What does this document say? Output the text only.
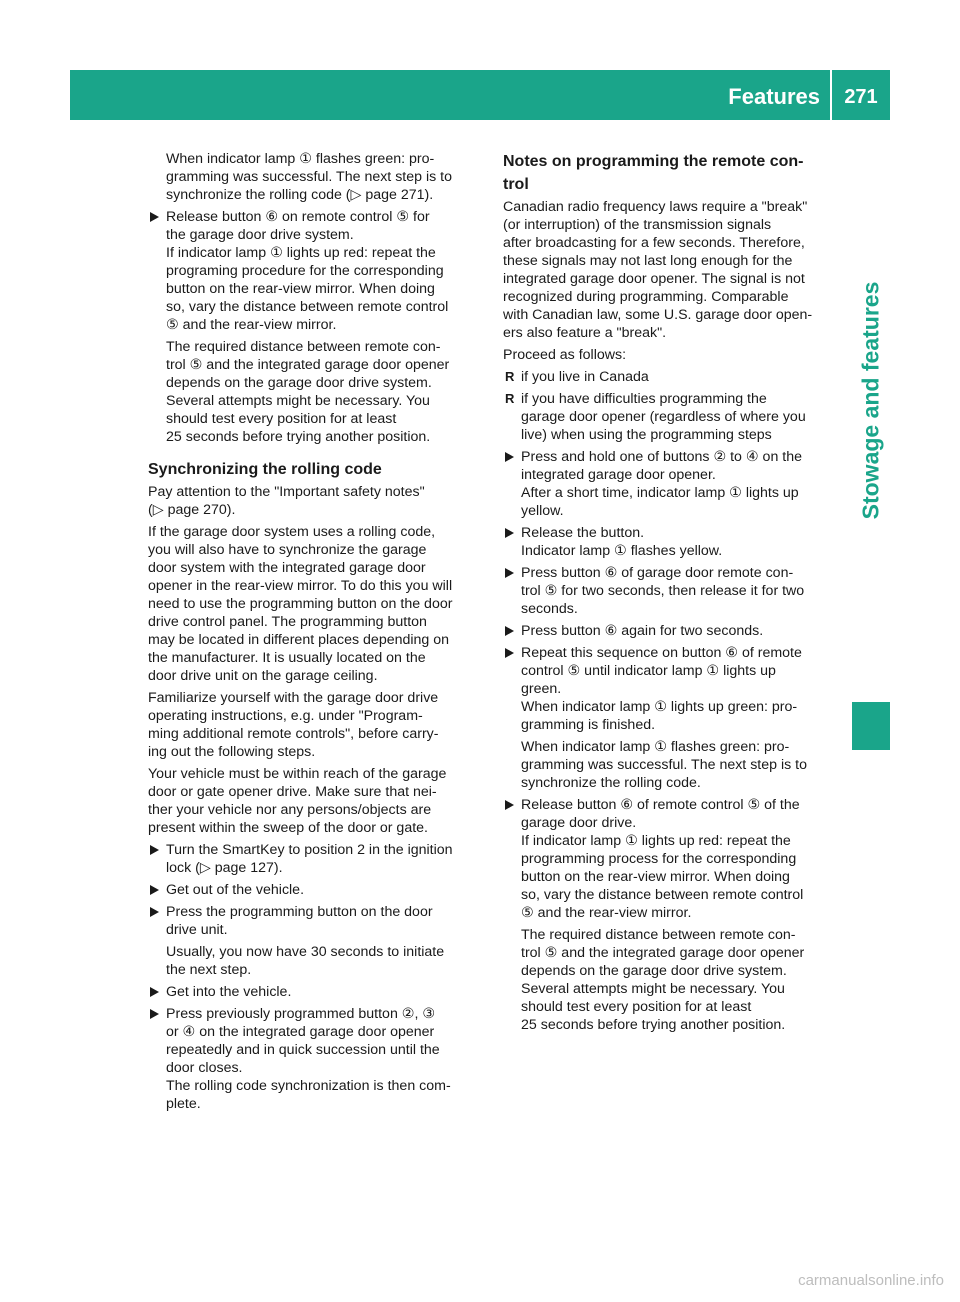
Features	271
Stowage and features
When indicator lamp ① flashes green: pro-
gramming was successful. The next step is to
synchronize the rolling code (▷ page 271).
Release button ⑥ on remote control ⑤ for
the garage door drive system.
If indicator lamp ① lights up red: repeat the
programing procedure for the corresponding
button on the rear-view mirror. When doing
so, vary the distance between remote control
⑤ and the rear-view mirror.
The required distance between remote con-
trol ⑤ and the integrated garage door opener
depends on the garage door drive system.
Several attempts might be necessary. You
should test every position for at least
25 seconds before trying another position.
Synchronizing the rolling code
Pay attention to the "Important safety notes"
(▷ page 270).
If the garage door system uses a rolling code,
you will also have to synchronize the garage
door system with the integrated garage door
opener in the rear-view mirror. To do this you will
need to use the programming button on the door
drive control panel. The programming button
may be located in different places depending on
the manufacturer. It is usually located on the
door drive unit on the garage ceiling.
Familiarize yourself with the garage door drive
operating instructions, e.g. under "Program-
ming additional remote controls", before carry-
ing out the following steps.
Your vehicle must be within reach of the garage
door or gate opener drive. Make sure that nei-
ther your vehicle nor any persons/objects are
present within the sweep of the door or gate.
Turn the SmartKey to position 2 in the ignition
lock (▷ page 127).
Get out of the vehicle.
Press the programming button on the door
drive unit.
Usually, you now have 30 seconds to initiate
the next step.
Get into the vehicle.
Press previously programmed button ②, ③
or ④ on the integrated garage door opener
repeatedly and in quick succession until the
door closes.
The rolling code synchronization is then com-
plete.
Notes on programming the remote con-
trol
Canadian radio frequency laws require a "break"
(or interruption) of the transmission signals
after broadcasting for a few seconds. Therefore,
these signals may not last long enough for the
integrated garage door opener. The signal is not
recognized during programming. Comparable
with Canadian law, some U.S. garage door open-
ers also feature a "break".
Proceed as follows:
R if you live in Canada
R if you have difficulties programming the
garage door opener (regardless of where you
live) when using the programming steps
Press and hold one of buttons ② to ④ on the
integrated garage door opener.
After a short time, indicator lamp ① lights up
yellow.
Release the button.
Indicator lamp ① flashes yellow.
Press button ⑥ of garage door remote con-
trol ⑤ for two seconds, then release it for two
seconds.
Press button ⑥ again for two seconds.
Repeat this sequence on button ⑥ of remote
control ⑤ until indicator lamp ① lights up
green.
When indicator lamp ① lights up green: pro-
gramming is finished.
When indicator lamp ① flashes green: pro-
gramming was successful. The next step is to
synchronize the rolling code.
Release button ⑥ of remote control ⑤ of the
garage door drive.
If indicator lamp ① lights up red: repeat the
programming process for the corresponding
button on the rear-view mirror. When doing
so, vary the distance between remote control
⑤ and the rear-view mirror.
The required distance between remote con-
trol ⑤ and the integrated garage door opener
depends on the garage door drive system.
Several attempts might be necessary. You
should test every position for at least
25 seconds before trying another position.
carmanualsonline.info
